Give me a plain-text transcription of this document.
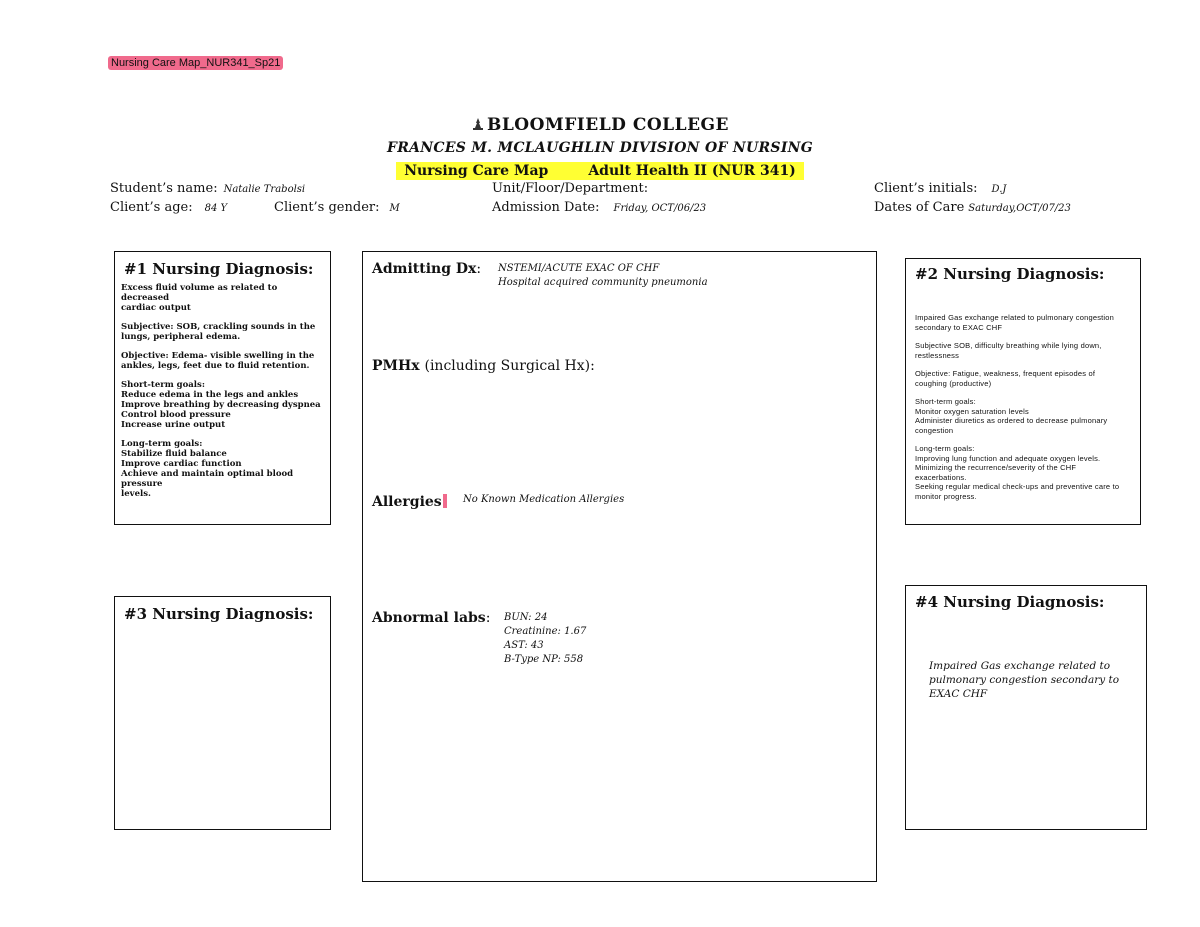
Nursing Care Map_NUR341_Sp21
BLOOMFIELD COLLEGE
FRANCES M. MCLAUGHLIN DIVISION OF NURSING
Nursing Care Map	Adult Health II (NUR 341)
Student’s name: Natalie Trabolsi	Unit/Floor/Department:	Client’s initials: D.J
Client’s age: 84 Y	Client’s gender: M	Admission Date: Friday, OCT/06/23	Dates of Care Saturday,OCT/07/23
#1 Nursing Diagnosis:

Excess fluid volume as related to decreased
cardiac output

Subjective: SOB, crackling sounds in the
lungs, peripheral edema.

Objective: Edema- visible swelling in the
ankles, legs, feet due to fluid retention.

Short-term goals:
Reduce edema in the legs and ankles
Improve breathing by decreasing dyspnea
Control blood pressure
Increase urine output

Long-term goals:
Stabilize fluid balance
Improve cardiac function
Achieve and maintain optimal blood pressure
levels.

#3 Nursing Diagnosis:
Admitting Dx: NSTEMI/ACUTE EXAC OF CHF
Hospital acquired community pneumonia
PMHx (including Surgical Hx):
Allergies	No Known Medication Allergies
Abnormal labs: BUN: 24
Creatinine: 1.67
AST: 43
B-Type NP: 558
#2 Nursing Diagnosis:

Impaired Gas exchange related to pulmonary congestion
secondary to EXAC CHF

Subjective SOB, difficulty breathing while lying down,
restlessness

Objective: Fatigue, weakness, frequent episodes of
coughing (productive)

Short-term goals:
Monitor oxygen saturation levels
Administer diuretics as ordered to decrease pulmonary
congestion

Long-term goals:
Improving lung function and adequate oxygen levels.
Minimizing the recurrence/severity of the CHF
exacerbations.
Seeking regular medical check-ups and preventive care to
monitor progress.

#4 Nursing Diagnosis:
Impaired Gas exchange related to
pulmonary congestion secondary to
EXAC CHF
